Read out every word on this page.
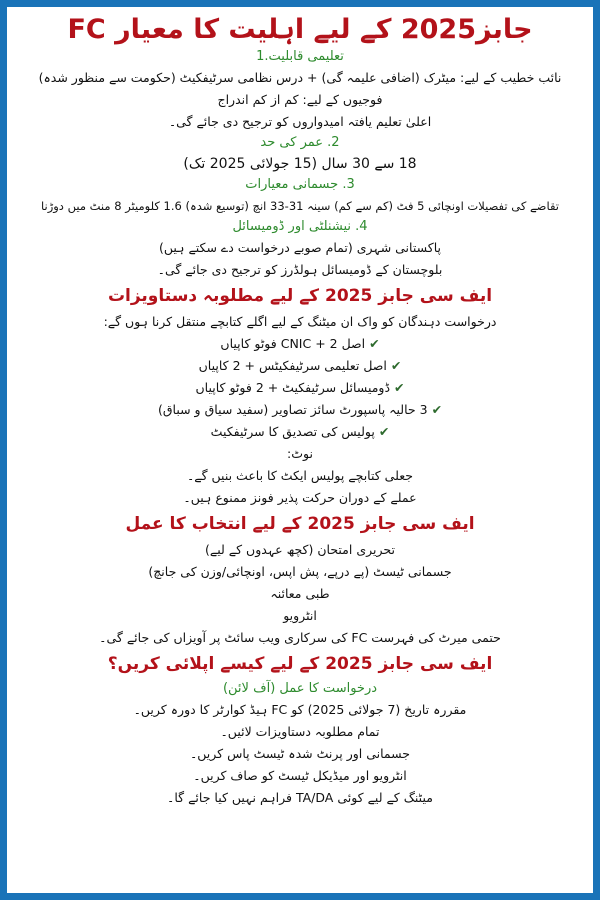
جابز2025 کے لیے اہلیت کا معیار FC

تعلیمی قابلیت.1

نائب خطیب کے لیے: میٹرک (اضافی علیمہ گی) + درس نظامی سرٹیفکیٹ (حکومت سے منظور شدہ)

فوجیوں کے لیے: کم از کم اندراج

اعلیٰ تعلیم یافتہ امیدواروں کو ترجیح دی جائے گی۔

2. عمر کی حد

18 سے 30 سال (15 جولائی 2025 تک)

3. جسمانی معیارات

تقاضے کی تفصیلات اونچائی 5 فٹ (کم سے کم) سینہ 31-33 انچ (توسیع شدہ) 1.6 کلومیٹر 8 منٹ میں دوڑنا

4. نیشنلٹی اور ڈومیسائل

پاکستانی شہری (تمام صوبے درخواست دے سکتے ہیں)

بلوچستان کے ڈومیسائل ہولڈرز کو ترجیح دی جائے گی۔

ایف سی جابز 2025 کے لیے مطلوبہ دستاویزات

درخواست دہندگان کو واک ان میٹنگ کے لیے اگلے کتابچے منتقل کرنا ہوں گے:

✔اصل 2 + CNIC فوٹو کاپیاں

✔اصل تعلیمی سرٹیفکیٹس + 2 کاپیاں

✔ڈومیسائل سرٹیفکیٹ + 2 فوٹو کاپیاں

✔3 حالیہ پاسپورٹ سائز تصاویر (سفید سیاق و سباق)

✔پولیس کی تصدیق کا سرٹیفکیٹ

نوٹ:

جعلی کتابچے پولیس ایکٹ کا باعث بنیں گے۔

عملے کے دوران حرکت پذیر فونز ممنوع ہیں۔

ایف سی جابز 2025 کے لیے انتخاب کا عمل

تحریری امتحان (کچھ عہدوں کے لیے)

جسمانی ٹیسٹ (پے درپے، پش اپس، اونچائی/وزن کی جانچ)

طبی معائنہ

انٹرویو

حتمی میرٹ کی فہرست FC کی سرکاری ویب سائٹ پر آویزاں کی جائے گی۔

ایف سی جابز 2025 کے لیے کیسے اپلائی کریں؟

درخواست کا عمل (آف لائن)

مقررہ تاریخ (7 جولائی 2025) کو FC ہیڈ کوارٹر کا دورہ کریں۔

تمام مطلوبہ دستاویزات لائیں۔

جسمانی اور پرنٹ شدہ ٹیسٹ پاس کریں۔

انٹرویو اور میڈیکل ٹیسٹ کو صاف کریں۔

میٹنگ کے لیے کوئی TA/DA فراہم نہیں کیا جائے گا۔
